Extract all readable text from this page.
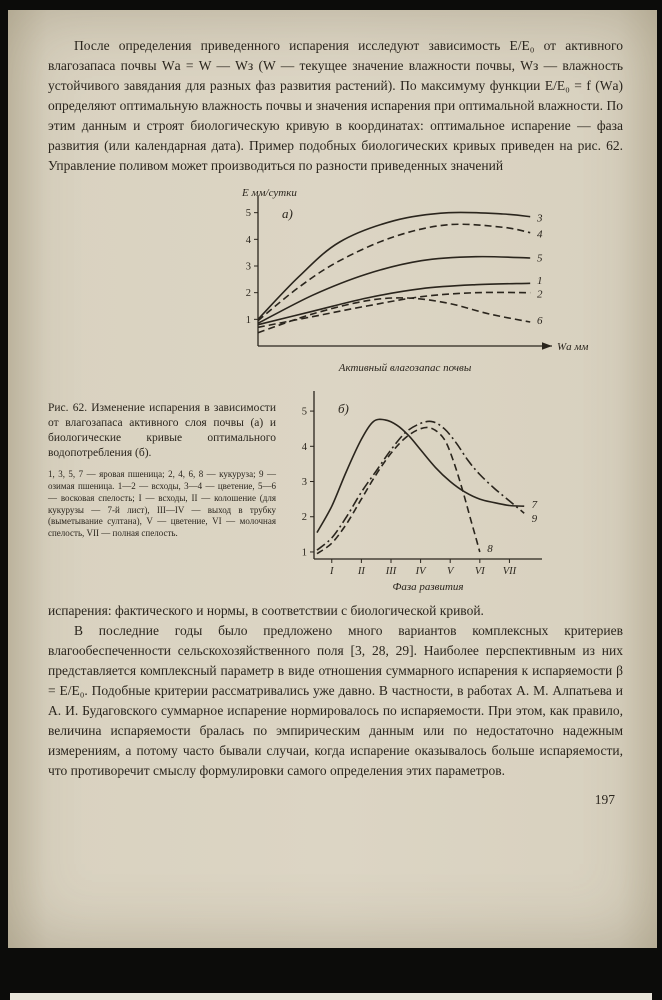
После определения приведенного испарения исследуют зависимость Е/Е₀ от активного влагозапаса почвы Wа = W — Wз (W — текущее значение влажности почвы, Wз — влажность устойчивого завядания для разных фаз развития растений). По максимуму функции Е/Е₀ = f (Wа) определяют оптимальную влажность почвы и значения испарения при оптимальной влажности. По этим данным и строят биологическую кривую в координатах: оптимальное испарение — фаза развития (или календарная дата). Пример подобных биологических кривых приведен на рис. 62. Управление поливом может производиться по разности приведенных значений

1
2
3
4
5
Wа мм
Е мм/сутки
Активный влагозапас почвы
а)	3
4
5
1
2
6

Рис. 62. Изменение испарения в зависимости от влагозапаса активного слоя почвы (а) и биологические кривые оптимального водопотребления (б).

1, 3, 5, 7 — яровая пшеница; 2, 4, 6, 8 — кукуруза; 9 — озимая пшеница. 1—2 — всходы, 3—4 — цветение, 5—6 — восковая спелость; I — всходы, II — колошение (для кукурузы — 7-й лист), III—IV — выход в трубку (выметывание султана), V — цветение, VI — молочная спелость, VII — полная спелость.

1
2
3
4
5
I II III IV V VI VII
Фаза развития
б)
7
9
8

испарения: фактического и нормы, в соответствии с биологической кривой.

В последние годы было предложено много вариантов комплексных критериев влагообеспеченности сельскохозяйственного поля [3, 28, 29]. Наиболее перспективным из них представляется комплексный параметр в виде отношения суммарного испарения к испаряемости β = Е/Е₀. Подобные критерии рассматривались уже давно. В частности, в работах А. М. Алпатьева и А. И. Будаговского суммарное испарение нормировалось по испаряемости. При этом, как правило, величина испаряемости бралась по эмпирическим данным или по недостаточно надежным измерениям, а потому часто бывали случаи, когда испарение оказывалось больше испаряемости, что противоречит смыслу формулировки самого определения этих параметров.

197
